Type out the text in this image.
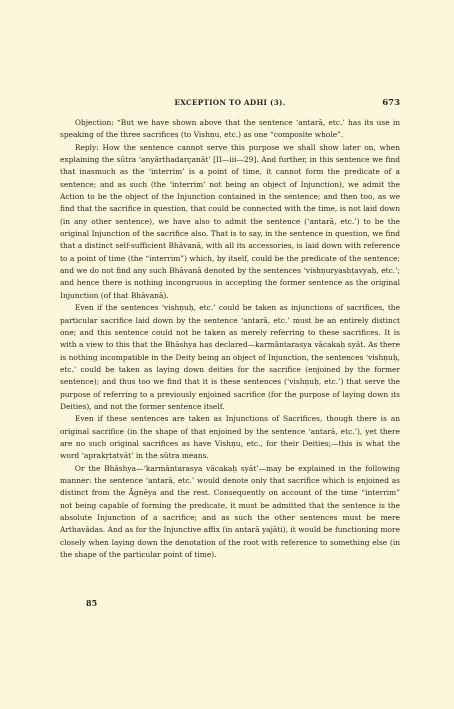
EXCEPTION TO ADHI (3).	673

Objection: “But we have shown above that the sentence ‘antarā, etc.’ has its use in speaking of the three sacrifices (to Vishṇu, etc.) as one “composite whole”.

Reply: How the sentence cannot serve this purpose we shall show later on, when explaining the sūtra ‘anyārthadarçanāt’ [II—iii—29]. And further, in this sentence we find that inasmuch as the ‘interrim’ is a point of time, it cannot form the predicate of a sentence; and as such (the ‘interrim’ not being an object of Injunction), we admit the Action to be the object of the Injunction contained in the sentence; and then too, as we find that the sacrifice in question, that could be connected with the time, is not laid down (in any other sentence), we have also to admit the sentence (‘antarā, etc.’) to be the original Injunction of the sacrifice also. That is to say, in the sentence in question, we find that a distinct self-sufficient Bhāvanā, with all its accessories, is laid down with reference to a point of time (the “interrim”) which, by itself, could be the predicate of the sentence; and we do not find any such Bhāvanā denoted by the sentences ‘vishṇuryashṭavyaḥ, etc.’; and hence there is nothing incongruous in accepting the former sentence as the original Injunction (of that Bhāvanā).

Even if the sentences ‘vishṇuḥ, etc.’ could be taken as injunctions of sacrifices, the particular sacrifice laid down by the sentence ‘antarā, etc.’ must be an entirely distinct one; and this sentence could not be taken as merely referring to these sacrifices. It is with a view to this that the Bhāshya has declared—karmāntarasya vācakaḥ syāt. As there is nothing incompatible in the Deity being an object of Injunction, the sentences ‘vishṇuḥ, etc.’ could be taken as laying down deities for the sacrifice (enjoined by the former sentence); and thus too we find that it is these sentences (‘vishṇuḥ, etc.’) that serve the purpose of referring to a previously enjoined sacrifice (for the purpose of laying down its Deities), and not the former sentence itself.

Even if these sentences are taken as Injunctions of Sacrifices, though there is an original sacrifice (in the shape of that enjoined by the sentence ‘antarā, etc.’), yet there are no such original sacrifices as have Vishṇu, etc., for their Deities;—this is what the word ‘aprakṛtatvāt’ in the sūtra means.

Or the Bhāshya—‘karmāntarasya vācakaḥ syāt’—may be explained in the following manner: the sentence ‘antarā, etc.’ would denote only that sacrifice which is enjoined as distinct from the Āgnēya and the rest. Consequently on account of the time “interrim” not being capable of forming the predicate, it must be admitted that the sentence is the absolute Injunction of a sacrifice; and as such the other sentences must be mere Arthavādas. And as for the Injunctive affix (in antarā yajāti), it would be functioning more closely when laying down the denotation of the root with reference to something else (in the shape of the particular point of time).

85
